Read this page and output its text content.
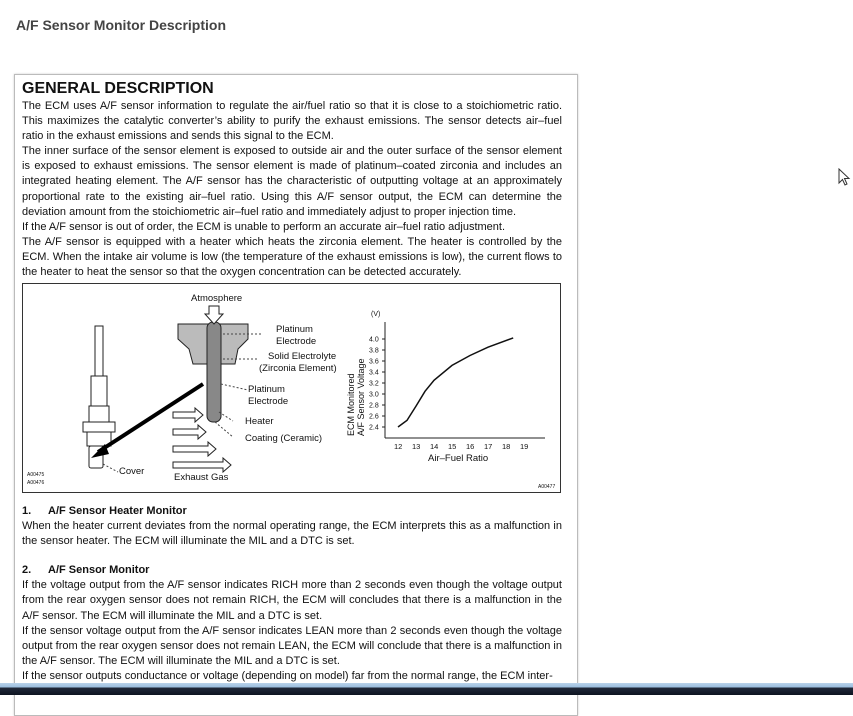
A/F Sensor Monitor Description
GENERAL DESCRIPTION

The ECM uses A/F sensor information to regulate the air/fuel ratio so that it is close to a stoichiometric ratio. This maximizes the catalytic converter’s ability to purify the exhaust emissions. The sensor detects air–fuel ratio in the exhaust emissions and sends this signal to the ECM.

The inner surface of the sensor element is exposed to outside air and the outer surface of the sensor element is exposed to exhaust emissions. The sensor element is made of platinum–coated zirconia and includes an integrated heating element. The A/F sensor has the characteristic of outputting voltage at an approximately proportional rate to the existing air–fuel ratio. Using this A/F sensor output, the ECM can determine the deviation amount from the stoichiometric air–fuel ratio and immediately adjust to proper injection time.

If the A/F sensor is out of order, the ECM is unable to perform an accurate air–fuel ratio adjustment.

The A/F sensor is equipped with a heater which heats the zirconia element. The heater is controlled by the ECM. When the intake air volume is low (the temperature of the exhaust emissions is low), the current flows to the heater to heat the sensor so that the oxygen concentration can be detected accurately.

Atmosphere
Platinum
Electrode
Solid Electrolyte
(Zirconia Element)
Platinum
Electrode
Heater
Coating (Ceramic)
Cover
Exhaust Gas
A00475
A00476
A00477
(V)
ECM Monitored A/F Sensor Voltage
Air–Fuel Ratio
2.4
2.6
2.8
3.0
3.2
3.4
3.6
3.8
4.0
12 13 14 15 16 17 18 19
1. A/F Sensor Heater Monitor

When the heater current deviates from the normal operating range, the ECM interprets this as a malfunction in the sensor heater. The ECM will illuminate the MIL and a DTC is set.

2. A/F Sensor Monitor

If the voltage output from the A/F sensor indicates RICH more than 2 seconds even though the voltage output from the rear oxygen sensor does not remain RICH, the ECM will concludes that there is a malfunction in the A/F sensor. The ECM will illuminate the MIL and a DTC is set.

If the sensor voltage output from the A/F sensor indicates LEAN more than 2 seconds even though the voltage output from the rear oxygen sensor does not remain LEAN, the ECM will conclude that there is a malfunction in the A/F sensor. The ECM will illuminate the MIL and a DTC is set.

If the sensor outputs conductance or voltage (depending on model) far from the normal range, the ECM inter-
